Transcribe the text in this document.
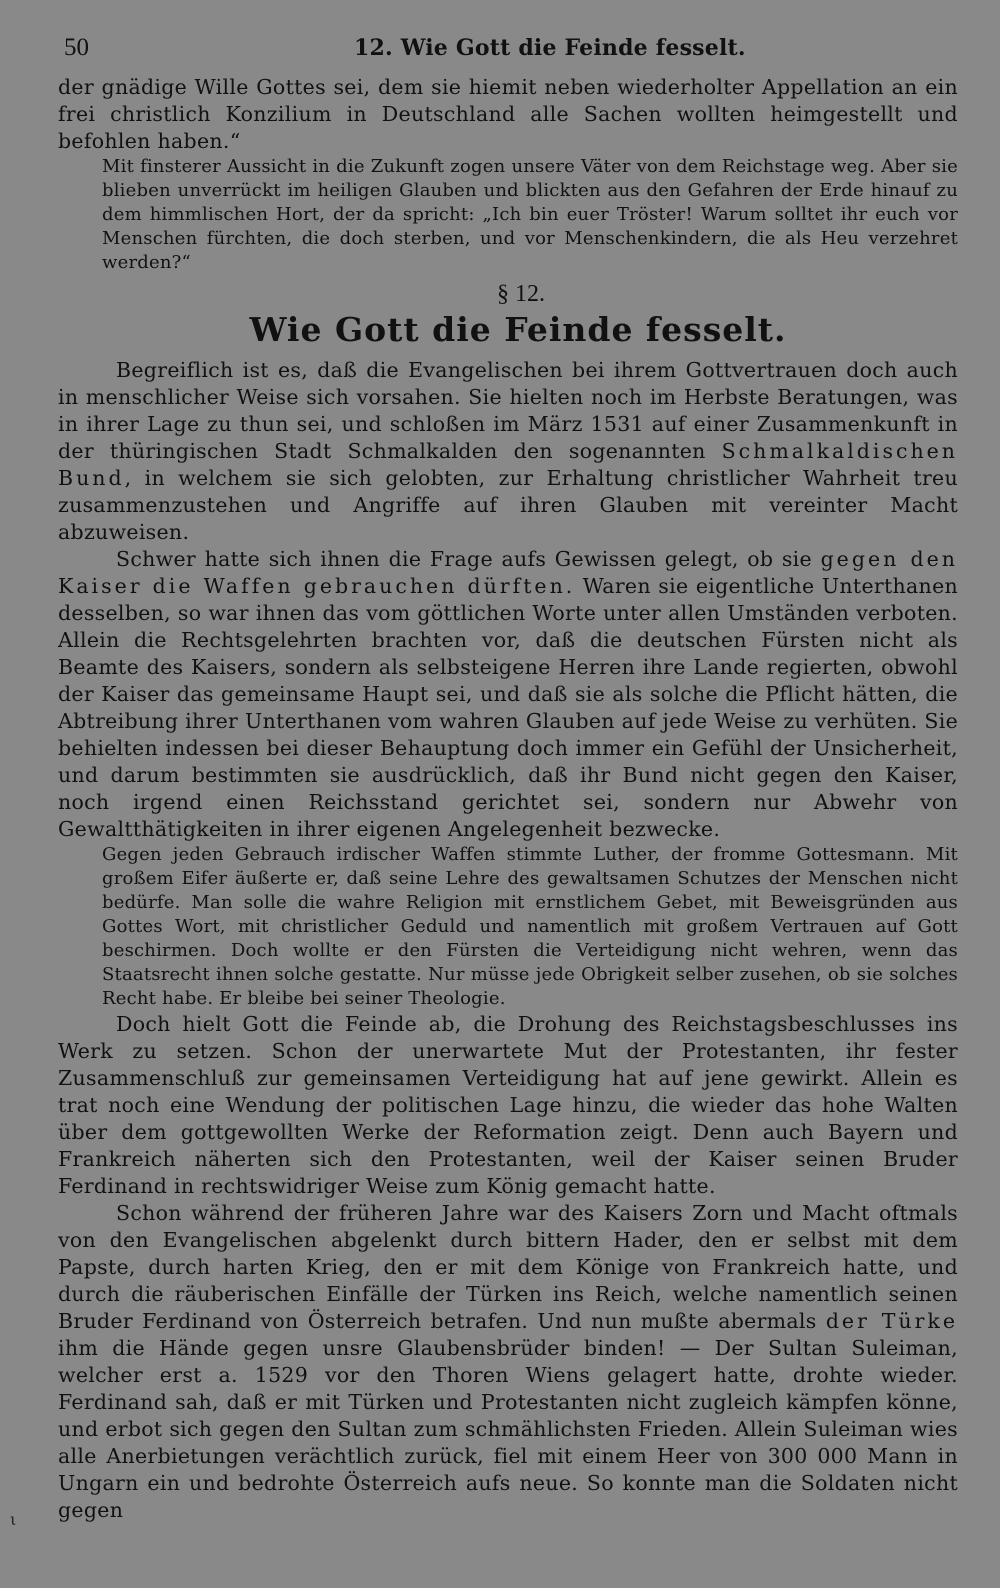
50	12. Wie Gott die Feinde fesselt.

der gnädige Wille Gottes sei, dem sie hiemit neben wiederholter Appellation an ein frei christlich Konzilium in Deutschland alle Sachen wollten heimgestellt und befohlen haben.“

Mit finsterer Aussicht in die Zukunft zogen unsere Väter von dem Reichstage weg. Aber sie blieben unverrückt im heiligen Glauben und blickten aus den Gefahren der Erde hinauf zu dem himmlischen Hort, der da spricht: „Ich bin euer Tröster! Warum solltet ihr euch vor Menschen fürchten, die doch sterben, und vor Menschenkindern, die als Heu verzehret werden?“

§ 12.
Wie Gott die Feinde fesselt.

Begreiflich ist es, daß die Evangelischen bei ihrem Gottvertrauen doch auch in menschlicher Weise sich vorsahen. Sie hielten noch im Herbste Beratungen, was in ihrer Lage zu thun sei, und schloßen im März 1531 auf einer Zusammenkunft in der thüringischen Stadt Schmalkalden den sogenannten Schmalkaldischen Bund, in welchem sie sich gelobten, zur Erhaltung christlicher Wahrheit treu zusammenzustehen und Angriffe auf ihren Glauben mit vereinter Macht abzuweisen.

Schwer hatte sich ihnen die Frage aufs Gewissen gelegt, ob sie gegen den Kaiser die Waffen gebrauchen dürften. Waren sie eigentliche Unterthanen desselben, so war ihnen das vom göttlichen Worte unter allen Umständen verboten. Allein die Rechtsgelehrten brachten vor, daß die deutschen Fürsten nicht als Beamte des Kaisers, sondern als selbsteigene Herren ihre Lande regierten, obwohl der Kaiser das gemeinsame Haupt sei, und daß sie als solche die Pflicht hätten, die Abtreibung ihrer Unterthanen vom wahren Glauben auf jede Weise zu verhüten. Sie behielten indessen bei dieser Behauptung doch immer ein Gefühl der Unsicherheit, und darum bestimmten sie ausdrücklich, daß ihr Bund nicht gegen den Kaiser, noch irgend einen Reichsstand gerichtet sei, sondern nur Abwehr von Gewaltthätigkeiten in ihrer eigenen Angelegenheit bezwecke.

Gegen jeden Gebrauch irdischer Waffen stimmte Luther, der fromme Gottesmann. Mit großem Eifer äußerte er, daß seine Lehre des gewaltsamen Schutzes der Menschen nicht bedürfe. Man solle die wahre Religion mit ernstlichem Gebet, mit Beweisgründen aus Gottes Wort, mit christlicher Geduld und namentlich mit großem Vertrauen auf Gott beschirmen. Doch wollte er den Fürsten die Verteidigung nicht wehren, wenn das Staatsrecht ihnen solche gestatte. Nur müsse jede Obrigkeit selber zusehen, ob sie solches Recht habe. Er bleibe bei seiner Theologie.

Doch hielt Gott die Feinde ab, die Drohung des Reichstagsbeschlusses ins Werk zu setzen. Schon der unerwartete Mut der Protestanten, ihr fester Zusammenschluß zur gemeinsamen Verteidigung hat auf jene gewirkt. Allein es trat noch eine Wendung der politischen Lage hinzu, die wieder das hohe Walten über dem gottgewollten Werke der Reformation zeigt. Denn auch Bayern und Frankreich näherten sich den Protestanten, weil der Kaiser seinen Bruder Ferdinand in rechtswidriger Weise zum König gemacht hatte.

Schon während der früheren Jahre war des Kaisers Zorn und Macht oftmals von den Evangelischen abgelenkt durch bittern Hader, den er selbst mit dem Papste, durch harten Krieg, den er mit dem Könige von Frankreich hatte, und durch die räuberischen Einfälle der Türken ins Reich, welche namentlich seinen Bruder Ferdinand von Österreich betrafen. Und nun mußte abermals der Türke ihm die Hände gegen unsre Glaubensbrüder binden! — Der Sultan Suleiman, welcher erst a. 1529 vor den Thoren Wiens gelagert hatte, drohte wieder. Ferdinand sah, daß er mit Türken und Protestanten nicht zugleich kämpfen könne, und erbot sich gegen den Sultan zum schmählichsten Frieden. Allein Suleiman wies alle Anerbietungen verächtlich zurück, fiel mit einem Heer von 300 000 Mann in Ungarn ein und bedrohte Österreich aufs neue. So konnte man die Soldaten nicht gegen

ι
